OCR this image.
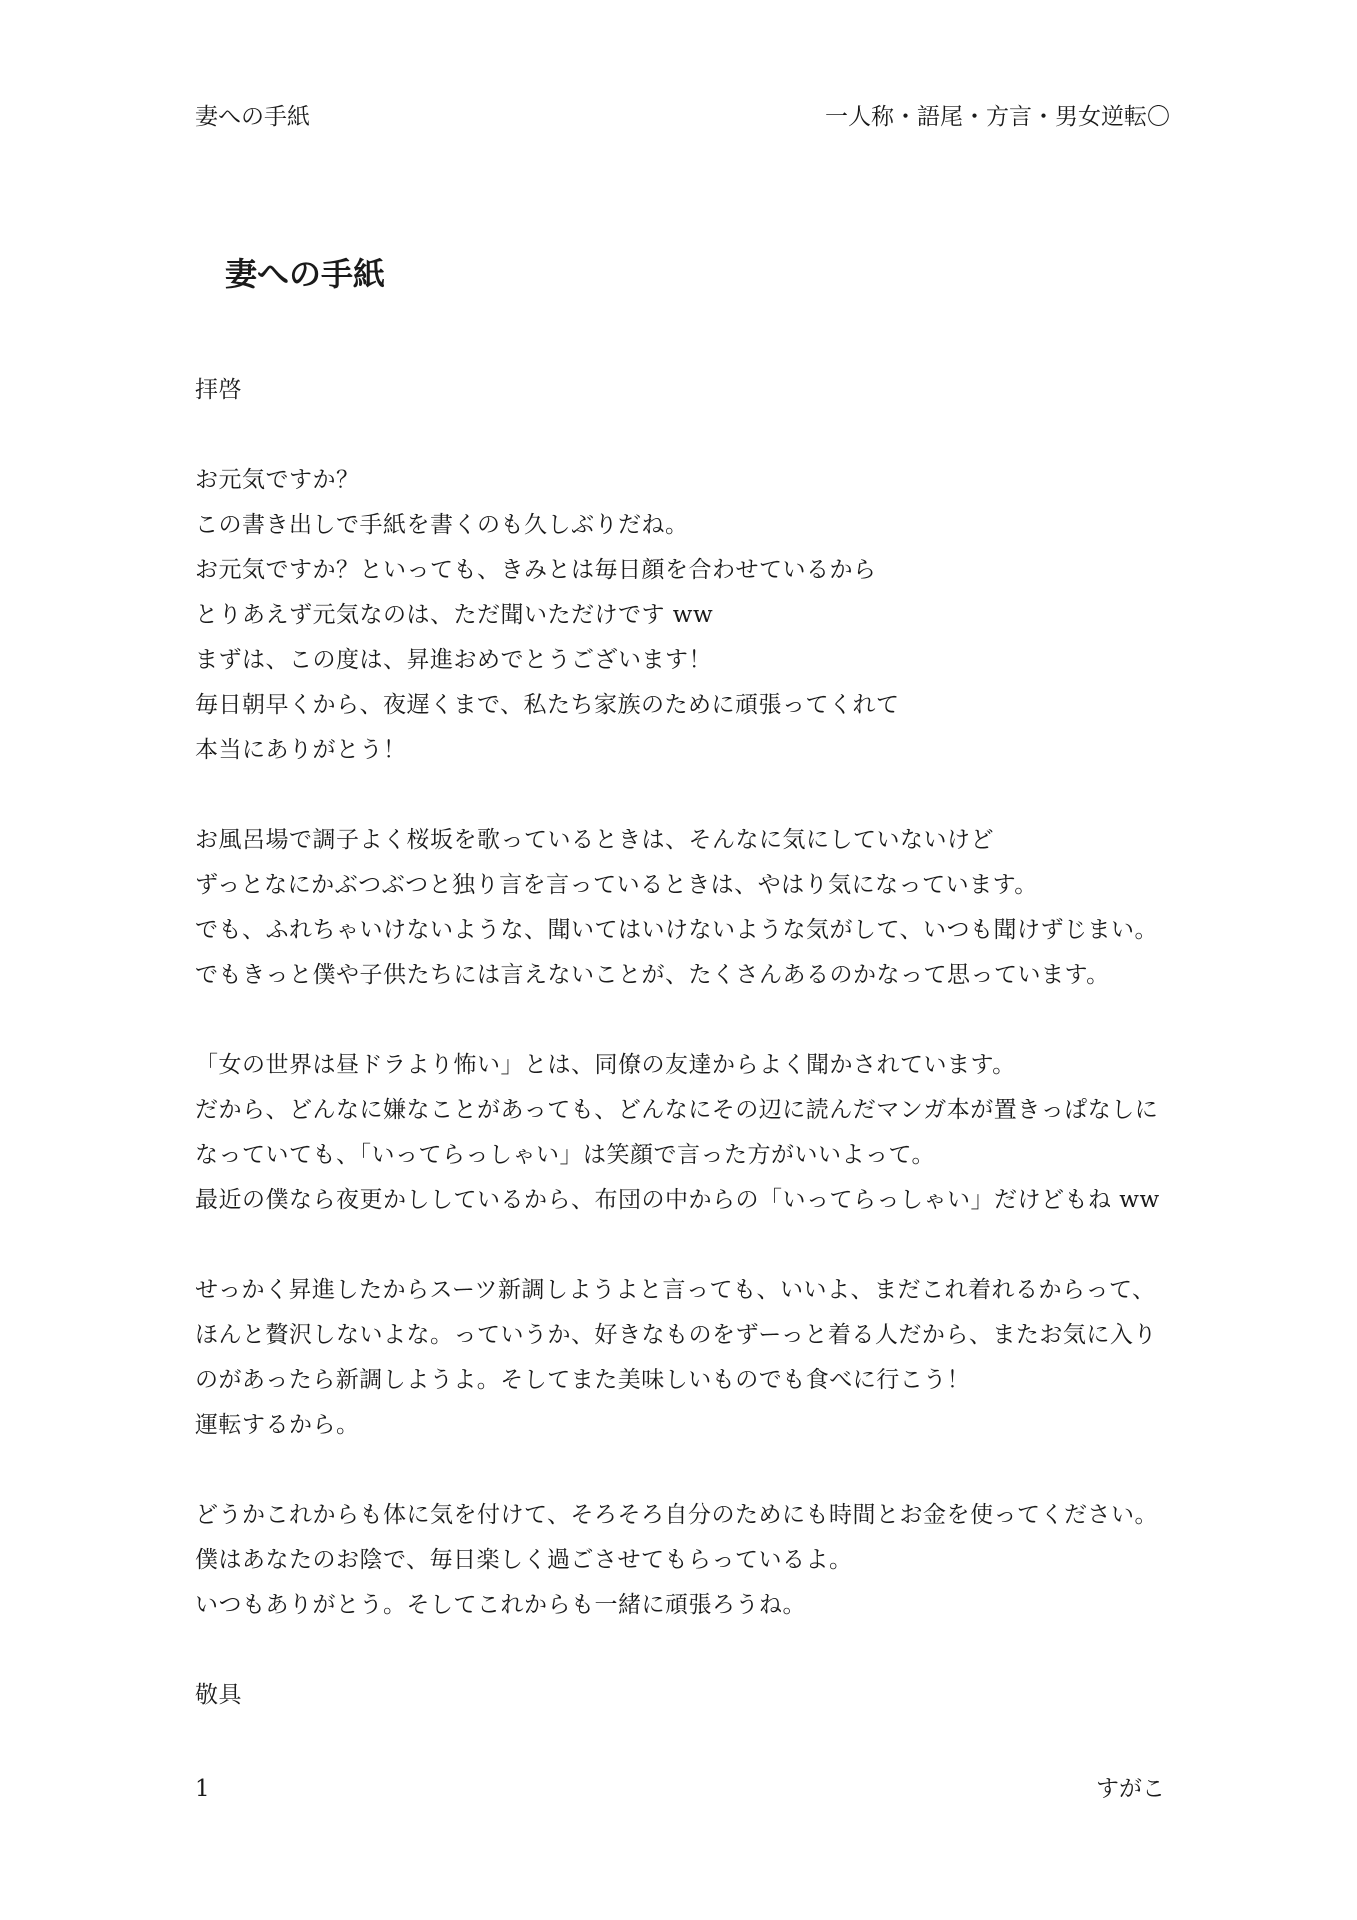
妻への手紙	一人称・語尾・方言・男女逆転〇
妻への手紙
拝啓
お元気ですか？
この書き出しで手紙を書くのも久しぶりだね。
お元気ですか？といっても、きみとは毎日顔を合わせているから
とりあえず元気なのは、ただ聞いただけです ww
まずは、この度は、昇進おめでとうございます！
毎日朝早くから、夜遅くまで、私たち家族のために頑張ってくれて
本当にありがとう！
お風呂場で調子よく桜坂を歌っているときは、そんなに気にしていないけど
ずっとなにかぶつぶつと独り言を言っているときは、やはり気になっています。
でも、ふれちゃいけないような、聞いてはいけないような気がして、いつも聞けずじまい。
でもきっと僕や子供たちには言えないことが、たくさんあるのかなって思っています。
「女の世界は昼ドラより怖い」とは、同僚の友達からよく聞かされています。
だから、どんなに嫌なことがあっても、どんなにその辺に読んだマンガ本が置きっぱなしに
なっていても、「いってらっしゃい」は笑顔で言った方がいいよって。
最近の僕なら夜更かししているから、布団の中からの「いってらっしゃい」だけどもね ww
せっかく昇進したからスーツ新調しようよと言っても、いいよ、まだこれ着れるからって、
ほんと贅沢しないよな。っていうか、好きなものをずーっと着る人だから、またお気に入り
のがあったら新調しようよ。そしてまた美味しいものでも食べに行こう！
運転するから。
どうかこれからも体に気を付けて、そろそろ自分のためにも時間とお金を使ってください。
僕はあなたのお陰で、毎日楽しく過ごさせてもらっているよ。
いつもありがとう。そしてこれからも一緒に頑張ろうね。
敬具
1	すがこ
